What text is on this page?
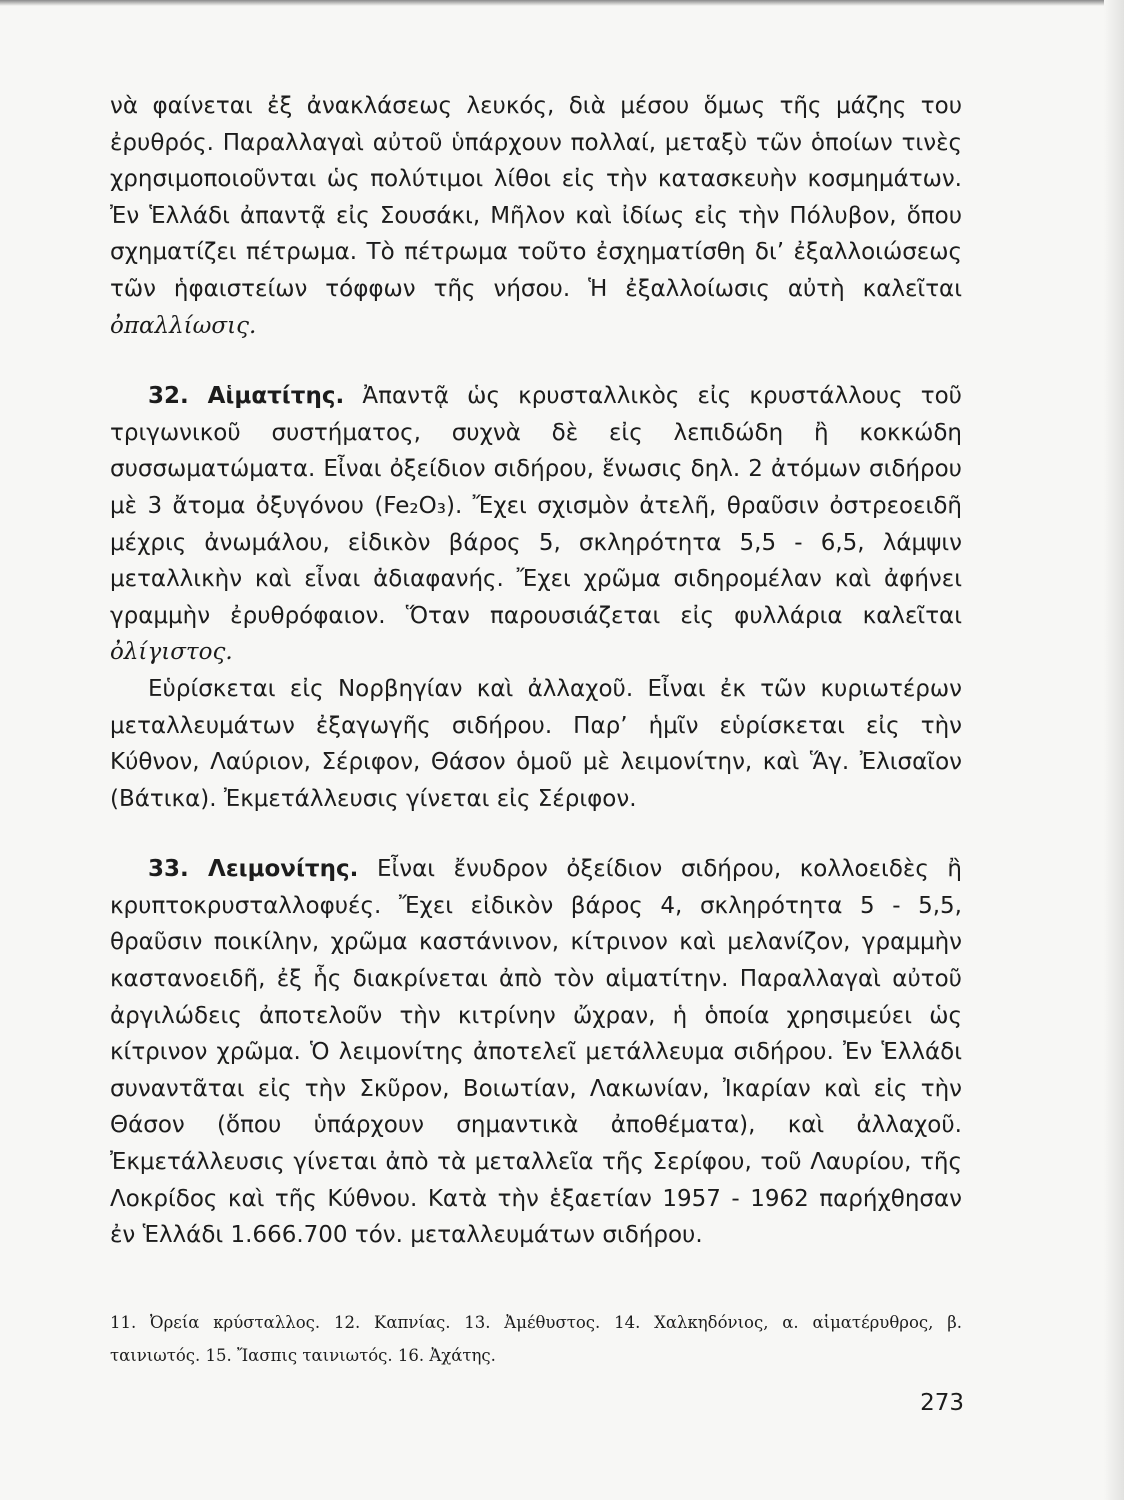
νὰ φαίνεται ἐξ ἀνακλάσεως λευκός, διὰ μέσου ὅμως τῆς μάζης του ἐρυθρός. Παραλλαγαὶ αὐτοῦ ὑπάρχουν πολλαί, μεταξὺ τῶν ὁποίων τινὲς χρησιμοποιοῦνται ὡς πολύτιμοι λίθοι εἰς τὴν κατασκευὴν κοσμημάτων. Ἐν Ἑλλάδι ἀπαντᾷ εἰς Σουσάκι, Μῆλον καὶ ἰδίως εἰς τὴν Πόλυβον, ὅπου σχηματίζει πέτρωμα. Τὸ πέτρωμα τοῦτο ἐσχηματίσθη δι’ ἐξαλλοιώσεως τῶν ἡφαιστείων τόφφων τῆς νήσου. Ἡ ἐξαλλοίωσις αὐτὴ καλεῖται ὀπαλλίωσις.

32. Αἱματίτης. Ἀπαντᾷ ὡς κρυσταλλικὸς εἰς κρυστάλλους τοῦ τριγωνικοῦ συστήματος, συχνὰ δὲ εἰς λεπιδώδη ἢ κοκκώδη συσσωματώματα. Εἶναι ὀξείδιον σιδήρου, ἕνωσις δηλ. 2 ἀτόμων σιδήρου μὲ 3 ἄτομα ὀξυγόνου (Fe₂O₃). Ἔχει σχισμὸν ἀτελῆ, θραῦσιν ὀστρεοειδῆ μέχρις ἀνωμάλου, εἰδικὸν βάρος 5, σκληρότητα 5,5 - 6,5, λάμψιν μεταλλικὴν καὶ εἶναι ἀδιαφανής. Ἔχει χρῶμα σιδηρομέλαν καὶ ἀφήνει γραμμὴν ἐρυθρόφαιον. Ὅταν παρουσιάζεται εἰς φυλλάρια καλεῖται ὀλίγιστος.

Εὑρίσκεται εἰς Νορβηγίαν καὶ ἀλλαχοῦ. Εἶναι ἐκ τῶν κυριωτέρων μεταλλευμάτων ἐξαγωγῆς σιδήρου. Παρ’ ἡμῖν εὑρίσκεται εἰς τὴν Κύθνον, Λαύριον, Σέριφον, Θάσον ὁμοῦ μὲ λειμονίτην, καὶ Ἅγ. Ἐλισαῖον (Βάτικα). Ἐκμετάλλευσις γίνεται εἰς Σέριφον.

33. Λειμονίτης. Εἶναι ἔνυδρον ὀξείδιον σιδήρου, κολλοειδὲς ἢ κρυπτοκρυσταλλοφυές. Ἔχει εἰδικὸν βάρος 4, σκληρότητα 5 - 5,5, θραῦσιν ποικίλην, χρῶμα καστάνινον, κίτρινον καὶ μελανίζον, γραμμὴν καστανοειδῆ, ἐξ ἧς διακρίνεται ἀπὸ τὸν αἱματίτην. Παραλλαγαὶ αὐτοῦ ἀργιλώδεις ἀποτελοῦν τὴν κιτρίνην ὤχραν, ἡ ὁποία χρησιμεύει ὡς κίτρινον χρῶμα. Ὁ λειμονίτης ἀποτελεῖ μετάλλευμα σιδήρου. Ἐν Ἑλλάδι συναντᾶται εἰς τὴν Σκῦρον, Βοιωτίαν, Λακωνίαν, Ἰκαρίαν καὶ εἰς τὴν Θάσον (ὅπου ὑπάρχουν σημαντικὰ ἀποθέματα), καὶ ἀλλαχοῦ. Ἐκμετάλλευσις γίνεται ἀπὸ τὰ μεταλλεῖα τῆς Σερίφου, τοῦ Λαυρίου, τῆς Λοκρίδος καὶ τῆς Κύθνου. Κατὰ τὴν ἑξαετίαν 1957 - 1962 παρήχθησαν ἐν Ἑλλάδι 1.666.700 τόν. μεταλλευμάτων σιδήρου.

11. Ὀρεία κρύσταλλος. 12. Καπνίας. 13. Ἀμέθυστος. 14. Χαλκηδόνιος, α. αἱματέρυθρος, β. ταινιωτός. 15. Ἴασπις ταινιωτός. 16. Ἀχάτης.

273
